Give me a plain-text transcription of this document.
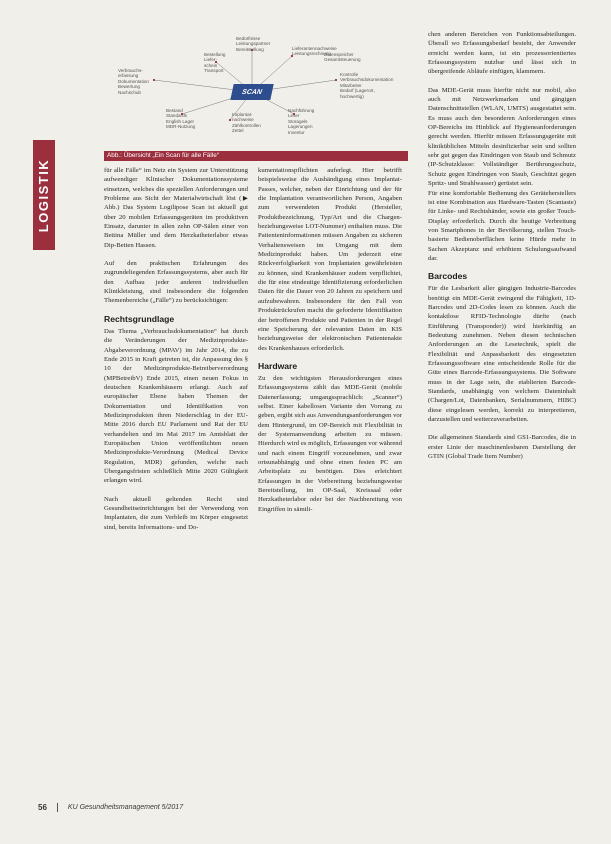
LOGISTIK
SCAN
Bedürfnisse
Leistungspartner
Bereitstellung	Lieferantennachweise
Leistungsrechnung
Bestellung
Liefer-
schein
Transport
Verbrauchs-
erfassung
Dokumentation
Bewertung
Nachschub
Kontrolle
Verbrauchsdokumentation
Mitarbeiter
Bedarf (Lagerort,
hochwertig)
Bestand
Standards
English Lager
MDR-Nutzung
Implantat-
nachweise
Zählkontrollen
Zettel
Nachführung
Leser
Storagels
Lagerungen
Inventur
Datenspeicher
Gesamtsteuerung
Abb.: Übersicht „Ein Scan für alle Fälle“

für alle Fälle“ im Netz ein System zur Unterstützung aufwendiger Klinischer Dokumentationssysteme einsetzen, welches die speziellen Anforderungen und Probleme aus Sicht der Materialwirtschaft löst (▶ Abb.) Das System Logilipose Scan ist aktuell gut über 20 mobilen Erfassungsgeräten im produktiven Einsatz, darunter in allen zehn OP-Sälen einer von Bettina Müller und dem Herzkatheterlabor etwas Dip-Betten Hassen.

Auf den praktischen Erfahrungen des zugrundeliegenden Erfassungssystems, aber auch für den Aufbau jeder anderen individuellen Klinikleistung, sind insbesondere die folgenden Themenbereiche („Fälle“) zu berücksichtigen:

Rechtsgrundlage

Das Thema „Verbrauchsdokumentation“ hat durch die Veränderungen der Medizinprodukte-Abgabeverordnung (MPAV) im Jahr 2014, die zu Ende 2015 in Kraft getreten ist, die Anpassung des § 10 der Medizinprodukte-Betreiberverordnung (MPBetreibV) Ende 2015, einen neuen Fokus in deutschen Krankenhäusern erlangt. Auch auf europäischer Ebene haben Themen der Dokumentation und Identifikation von Medizinprodukten ihren Niederschlag in der EU-Mitte 2016 durch EU Parlament und Rat der EU verhandelten und im Mai 2017 im Amtsblatt der Europäischen Union veröffentlichten neuen Medizinprodukte-Verordnung (Medical Device Regulation, MDR) gefunden, welche nach Übergangsfristen schließlich Mitte 2020 Gültigkeit erlangen wird.

Nach aktuell geltenden Recht sind Gesundheitseinrichtungen bei der Verwendung von Implantaten, die zum Verbleib im Körper eingesetzt sind, bereits Informations- und Do-

kumentationspflichten auferlegt. Hier betrifft beispielsweise die Aushändigung eines Implantat-Passes, welcher, neben der Einrichtung und der für die Implantation verantwortlichen Person, Angaben zum verwendeten Produkt (Hersteller, Produktbezeichnung, Typ/Art und die Chargen- beziehungsweise LOT-Nummer) enthalten muss. Die Patienteninformationen müssen Angaben zu sicheren Verhaltensweisen im Umgang mit dem Medizinprodukt haben. Um jederzeit eine Rückverfolgbarkeit von Implantaten gewährleisten zu können, sind Krankenhäuser zudem verpflichtet, die für eine eindeutige Identifizierung erforderlichen Daten für die Dauer von 20 Jahren zu speichern und aufzubewahren. Insbesondere für den Fall von Produktrückrufen macht die geforderte Identifikation der betroffenen Produkte und Patienten in der Regel eine Speicherung der relevanten Daten im KIS beziehungsweise der elektronischen Patientenakte des Krankenhauses erforderlich.

Hardware

Zu den wichtigsten Herausforderungen eines Erfassungssystems zählt das MDE-Gerät (mobile Datenerfassung; umgangssprachlich: „Scanner“) selbst. Einer kabellosen Variante den Vorrang zu geben, ergibt sich aus Anwendungsanforderungen vor dem Hintergrund, im OP-Bereich mit Flexibilität in der Systemanwendung arbeiten zu müssen. Hierdurch wird es möglich, Erfassungen vor während und nach einem Eingriff vorzunehmen, und zwar ortsunabhängig und ohne einen festen PC am Arbeitsplatz zu benötigen. Dies erleichtert Erfassungen in der Vorbereitung beziehungsweise Bereitstellung, im OP-Saal, Kreissaal oder Herzkatheterlabor oder bei der Nachbereitung von Eingriffen in sämtli-

chen anderen Bereichen von Funktionsabteilungen. Überall wo Erfassungsbedarf besteht, der Anwender erreicht werden kann, ist ein prozessorientiertes Erfassungssystem nutzbar und lässt sich in übergreifende Abläufe einfügen, klammern.

Das MDE-Gerät muss hierfür nicht nur mobil, also auch mit Netzwerkmarken und gängigen Datenschnittstellen (WLAN, UMTS) ausgestattet sein. Es muss auch den besonderen Anforderungen eines OP-Bereichs im Hinblick auf Hygieneanforderungen gerecht werden. Hierfür müssen Erfassungsgeräte mit kliniküblichen Mitteln desinfizierbar sein und sollten sehr gut gegen das Eindringen von Staub und Schmutz (IP-Schutzklasse: Vollständiger Berührungsschutz, Schutz gegen Eindringen von Staub, Geschützt gegen Spritz- und Strahlwasser) gerüstet sein.

Für eine komfortable Bedienung des Geräteherstellers ist eine Kombination aus Hardware-Tasten (Scantaste) für Linke- und Rechtshänder, sowie ein großer Touch-Display erforderlich. Durch die heutige Verbreitung von Smartphones in der Bevölkerung, stellen Touch-basierte Bedienoberflächen keine Hürde mehr in Sachen Akzeptanz und erhöhtem Schulungsaufwand dar.

Barcodes

Für die Lesbarkeit aller gängigen Industrie-Barcodes benötigt ein MDE-Gerät zwingend die Fähigkeit, 1D-Barcodes und 2D-Codes lesen zu können. Auch die kontaktlose RFID-Technologie dürfte (nach Einführung (Transponder)) wird hierkünftig an Bedeutung zunehmen. Neben diesen technischen Anforderungen an die Lesetechnik, spielt die Flexibilität und Anpassbarkeit des eingesetzten Erfassungssoftware eine entscheidende Rolle für die Güte eines Barcode-Erfassungssystems. Die Software muss in der Lage sein, die etablierten Barcode-Standards, unabhängig von welchem Dateninhalt (Chargen/Lot, Datenbanken, Serialnummern, HIBC) diese eingelesen werden, korrekt zu interpretieren, darzustellen und weiterzuverarbeiten.

Die allgemeinen Standards sind GS1-Barcodes, die in erster Linie der maschinenlesbaren Darstellung der GTIN (Global Trade Item Number)

56	KU Gesundheitsmanagement 5/2017
